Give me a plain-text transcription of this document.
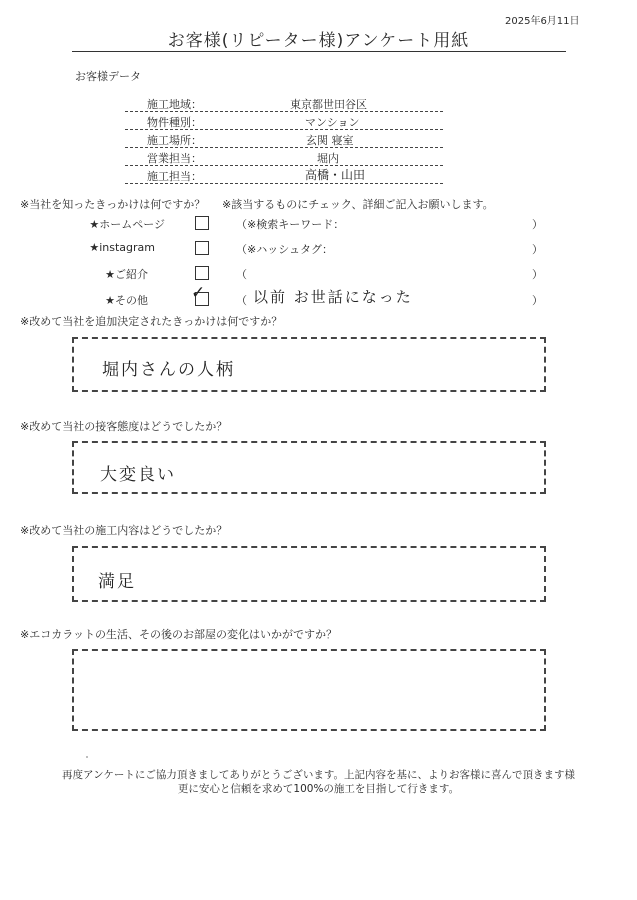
2025年6月11日
お客様(リピーター様)アンケート用紙
お客様データ
施工地域：	東京都世田谷区
物件種別：	マンション
施工場所：	玄関 寝室
営業担当：	堀内
施工担当：	高橋・山田
※当社を知ったきっかけは何ですか？ ※該当するものにチェック、詳細ご記入お願いします。
★ホームページ	（※検索キーワード：	）
★instagram	（※ハッシュタグ：	）
★ご紹介	（	）
★その他	✓	（ 以前 お世話になった	）
※改めて当社を追加決定されたきっかけは何ですか？
堀内さんの人柄
※改めて当社の接客態度はどうでしたか？
大変良い
※改めて当社の施工内容はどうでしたか？
満足
※エコカラットの生活、その後のお部屋の変化はいかがですか？
再度アンケートにご協力頂きましてありがとうございます。上記内容を基に、よりお客様に喜んで頂きます様
更に安心と信頼を求めて100%の施工を目指して行きます。
